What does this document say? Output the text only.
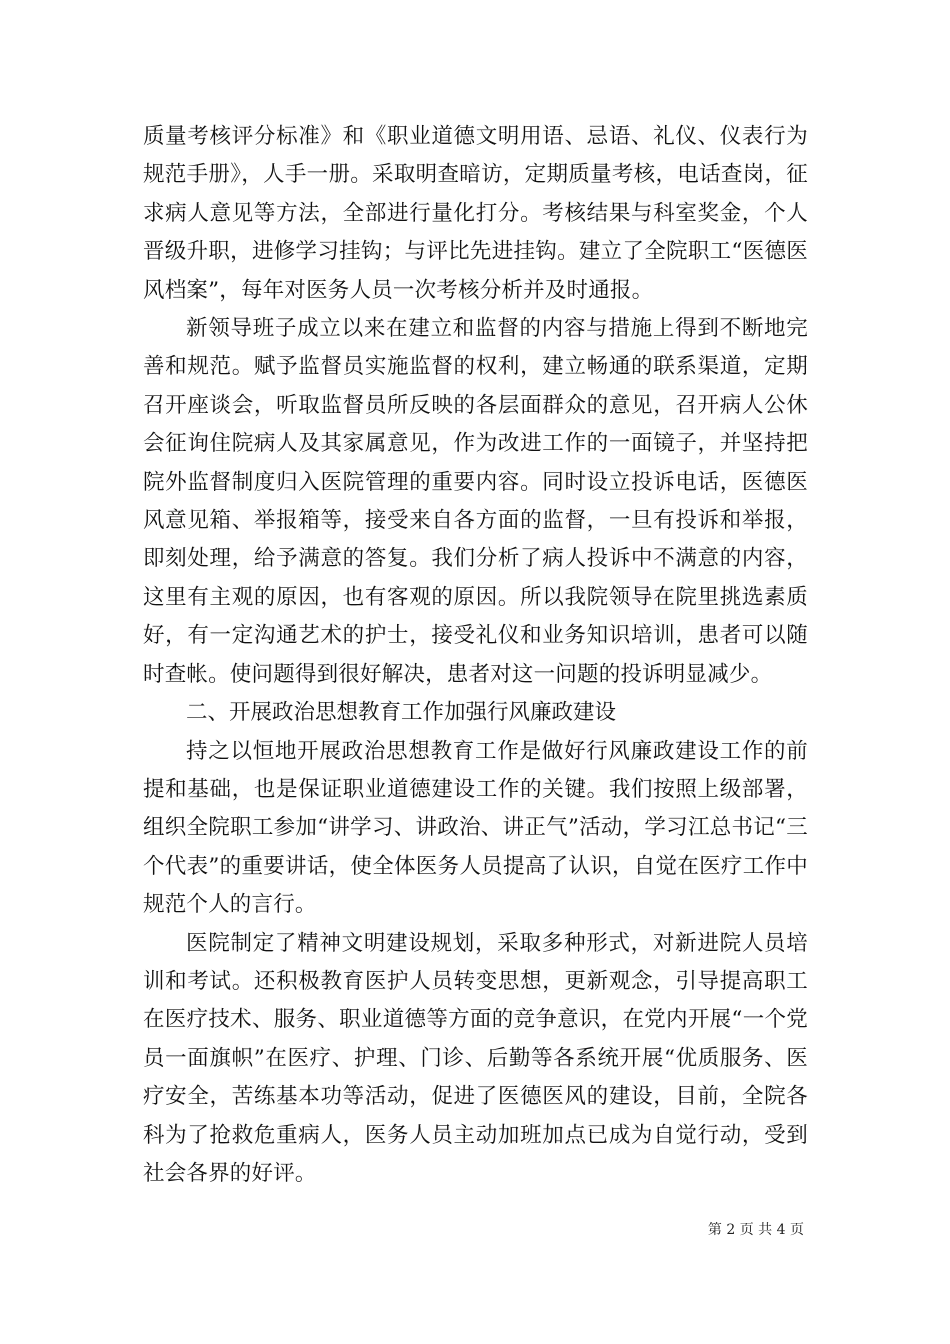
质量考核评分标准》和《职业道德文明用语、忌语、礼仪、仪表行为规范手册》，人手一册。采取明查暗访，定期质量考核，电话查岗，征求病人意见等方法，全部进行量化打分。考核结果与科室奖金，个人晋级升职，进修学习挂钩；与评比先进挂钩。建立了全院职工“医德医风档案”，每年对医务人员一次考核分析并及时通报。

新领导班子成立以来在建立和监督的内容与措施上得到不断地完善和规范。赋予监督员实施监督的权利，建立畅通的联系渠道，定期召开座谈会，听取监督员所反映的各层面群众的意见，召开病人公休会征询住院病人及其家属意见，作为改进工作的一面镜子，并坚持把院外监督制度归入医院管理的重要内容。同时设立投诉电话，医德医风意见箱、举报箱等，接受来自各方面的监督，一旦有投诉和举报，即刻处理，给予满意的答复。我们分析了病人投诉中不满意的内容，这里有主观的原因，也有客观的原因。所以我院领导在院里挑选素质好，有一定沟通艺术的护士，接受礼仪和业务知识培训，患者可以随时查帐。使问题得到很好解决，患者对这一问题的投诉明显减少。

二、开展政治思想教育工作加强行风廉政建设

持之以恒地开展政治思想教育工作是做好行风廉政建设工作的前提和基础，也是保证职业道德建设工作的关键。我们按照上级部署，组织全院职工参加“讲学习、讲政治、讲正气”活动，学习江总书记“三个代表”的重要讲话，使全体医务人员提高了认识，自觉在医疗工作中规范个人的言行。

医院制定了精神文明建设规划，采取多种形式，对新进院人员培训和考试。还积极教育医护人员转变思想，更新观念，引导提高职工在医疗技术、服务、职业道德等方面的竞争意识，在党内开展“一个党员一面旗帜”在医疗、护理、门诊、后勤等各系统开展“优质服务、医疗安全，苦练基本功等活动，促进了医德医风的建设，目前，全院各科为了抢救危重病人，医务人员主动加班加点已成为自觉行动，受到社会各界的好评。

第 2 页 共 4 页
